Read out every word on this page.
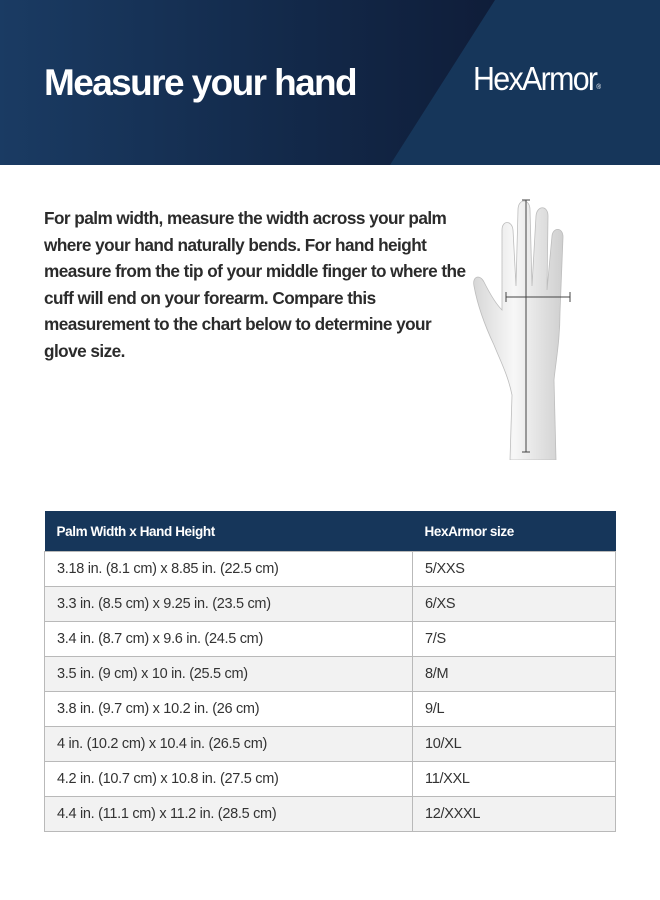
Measure your hand	HexArmor®
For palm width, measure the width across your palm where your hand naturally bends. For hand height measure from the tip of your middle finger to where the cuff will end on your forearm. Compare this measurement to the chart below to determine your glove size.
Palm Width x Hand Height	HexArmor size
3.18 in. (8.1 cm) x 8.85 in. (22.5 cm)	5/XXS
3.3 in. (8.5 cm) x 9.25 in. (23.5 cm)	6/XS
3.4 in. (8.7 cm) x 9.6 in. (24.5 cm)	7/S
3.5 in. (9 cm) x 10 in. (25.5 cm)	8/M
3.8 in. (9.7 cm) x 10.2 in. (26 cm)	9/L
4 in. (10.2 cm) x 10.4 in. (26.5 cm)	10/XL
4.2 in. (10.7 cm) x 10.8 in. (27.5 cm)	11/XXL
4.4 in. (11.1 cm) x 11.2 in. (28.5 cm)	12/XXXL
